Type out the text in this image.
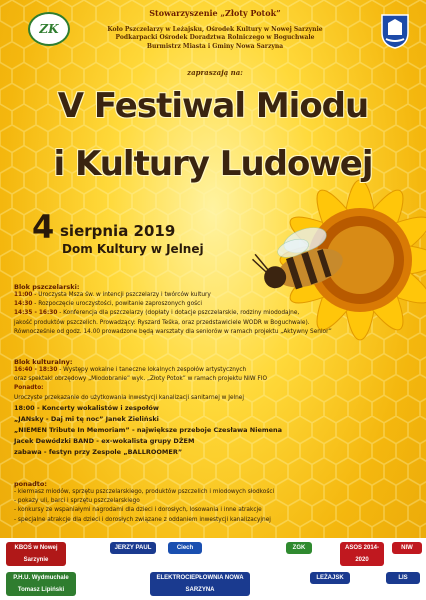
ZK
Stowarzyszenie „Złoty Potok”
Koło Pszczelarzy w Leżajsku, Ośrodek Kultury w Nowej Sarzynie
Podkarpacki Ośrodek Doradztwa Rolniczego w Boguchwale
Burmistrz Miasta i Gminy Nowa Sarzyna
zapraszają na:
V Festiwal Miodu
i Kultury Ludowej
4 sierpnia 2019
Dom Kultury w Jelnej
Blok pszczelarski:
11:00 - Uroczysta Msza św. w intencji pszczelarzy i twórców kultury
14:30 - Rozpoczęcie uroczystości, powitanie zaproszonych gości
14:35 - 16:30 - Konferencja dla pszczelarzy (dopłaty i dotacje pszczelarskie, rodziny miododajne,
jakość produktów pszczelich. Prowadzący: Ryszard Teśka, oraz przedstawiciele WODR w Boguchwale).
Równocześnie od godz. 14.00 prowadzone będą warsztaty dla seniorów w ramach projektu „Aktywny Senior”
Blok kulturalny:
16:40 - 18:30 - Występy wokalne i taneczne lokalnych zespołów artystycznych
oraz spektakl obrzędowy „Miodobranie” wyk. „Złoty Potok” w ramach projektu NIW FIO
Ponadto:
Uroczyste przekazanie do użytkowania inwestycji kanalizacji sanitarnej w Jelnej
18:00 - Koncerty wokalistów i zespołów
„JANsky - Daj mi tę noc” Janek Zieliński
„NIEMEN Tribute In Memoriam” - największe przeboje Czesława Niemena
Jacek Dewódzki BAND - ex-wokalista grupy DŻEM
zabawa - festyn przy Zespole „BALLROOMER”
ponadto:
- kiermasz miodów, sprzętu pszczelarskiego, produktów pszczelich i miodowych słodkości
- pokazy uli, barci i sprzętu pszczelarskiego
- konkursy ze wspaniałymi nagrodami dla dzieci i dorosłych, losowania i inne atrakcje
- specjalne atrakcje dla dzieci i dorosłych związane z oddaniem inwestycji kanalizacyjnej
KBOŚ w Nowej Sarzynie
JERZY PAUL	Ciech	ZGK	ASOS 2014-2020
NIW
P.H.U. Wydmuchale Tomasz Lipiński
ELEKTROCIEPŁOWNIA NOWA SARZYNA
LEŻAJSK	LIS
